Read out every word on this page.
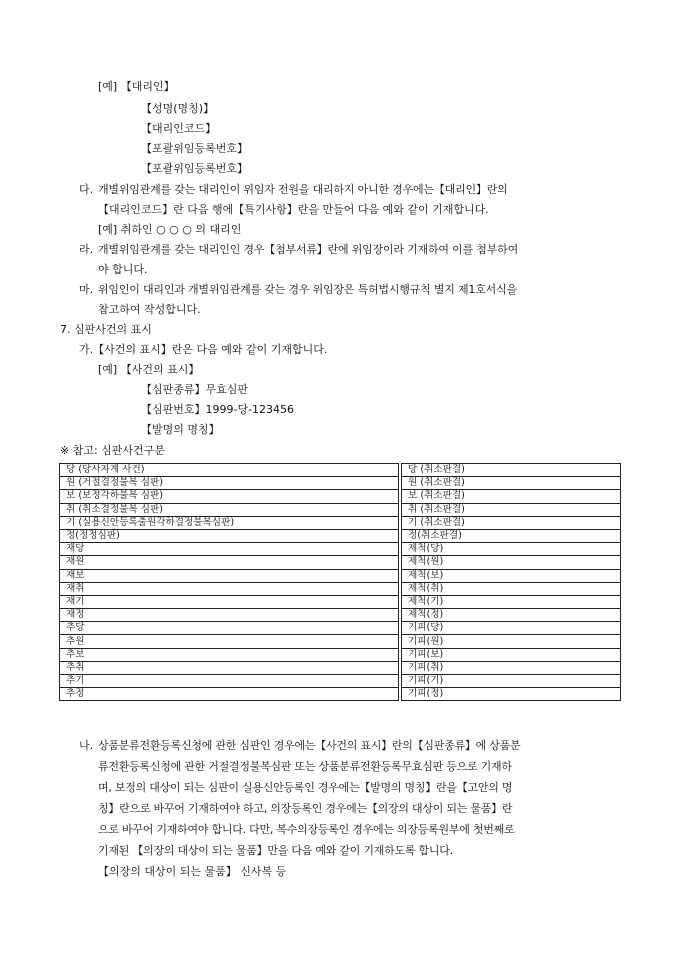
[예] 【대리인】
【성명(명칭)】
【대리인코드】
【포괄위임등록번호】
【포괄위임등록번호】
다. 개별위임관계를 갖는 대리인이 위임자 전원을 대리하지 아니한 경우에는【대리인】란의
【대리인코드】란 다음 행에【특기사항】란을 만들어 다음 예와 같이 기재합니다.
[예] 취하인 ○ ○ ○ 의 대리인
라. 개별위임관계를 갖는 대리인인 경우【첨부서류】란에 위임장이라 기재하여 이를 첨부하여
야 합니다.
마. 위임인이 대리인과 개별위임관계를 갖는 경우 위임장은 특허법시행규칙 별지 제1호서식을
참고하여 작성합니다.
7. 심판사건의 표시
가.【사건의 표시】란은 다음 예와 같이 기재합니다.
[예] 【사건의 표시】
【심판종류】무효심판
【심판번호】1999-당-123456
【발명의 명칭】
※ 참고: 심판사건구분
당 (당사자계 사건)		당 (취소판결)
원 (거절결정불복 심판)		원 (취소판결)
보 (보정각하불복 심판)		보 (취소판결)
취 (취소결정불복 심판)		취 (취소판결)
기 (실용신안등록출원각하결정불복심판)		기 (취소판결)
정(정정심판)		정(취소판결)
재당		제척(당)
재원		제척(원)
재보		제척(보)
재취		제척(취)
재기		제척(기)
재정		제척(정)
추당		기피(당)
추원		기피(원)
추보		기피(보)
추취		기피(취)
추기		기피(기)
추정		기피(정)
나. 상품분류전환등록신청에 관한 심판인 경우에는【사건의 표시】란의【심판종류】에 상품분
류전환등록신청에 관한 거절결정불복심판 또는 상품분류전환등록무효심판 등으로 기재하
며, 보정의 대상이 되는 심판이 실용신안등록인 경우에는【발명의 명칭】란을【고안의 명
칭】란으로 바꾸어 기재하여야 하고, 의장등록인 경우에는【의장의 대상이 되는 물품】란
으로 바꾸어 기재하여야 합니다. 다만, 복수의장등록인 경우에는 의장등록원부에 첫번째로
기재된 【의장의 대상이 되는 물품】만을 다음 예와 같이 기재하도록 합니다.
【의장의 대상이 되는 물품】 신사복 등
